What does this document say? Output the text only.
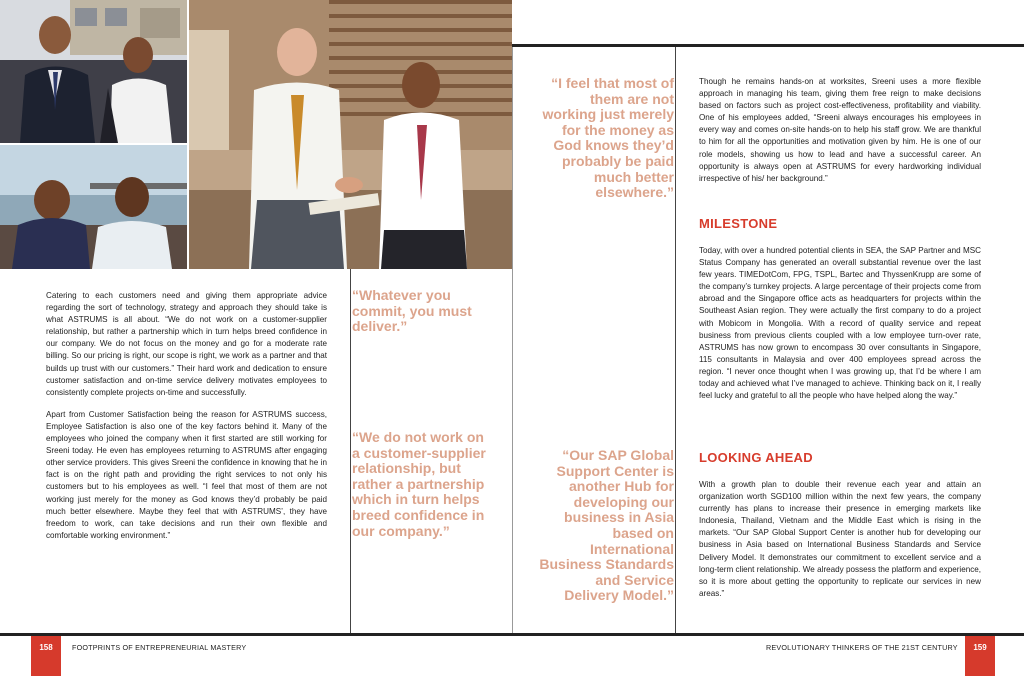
Catering to each customers need and giving them appropriate advice regarding the sort of technology, strategy and approach they should take is what ASTRUMS is all about. “We do not work on a customer-supplier relationship, but rather a partnership which in turn helps breed confidence in our company. We do not focus on the money and go for a moderate rate billing. So our pricing is right, our scope is right, we work as a partner and that builds up trust with our customers.” Their hard work and dedication to ensure customer satisfaction and on-time service delivery motivates employees to consistently complete projects on-time and successfully.

Apart from Customer Satisfaction being the reason for ASTRUMS success, Employee Satisfaction is also one of the key factors behind it. Many of the employees who joined the company when it first started are still working for Sreeni today. He even has employees returning to ASTRUMS after engaging other service providers. This gives Sreeni the confidence in knowing that he in fact is on the right path and providing the right services to not only his customers but to his employees as well. “I feel that most of them are not working just merely for the money as God knows they’d probably be paid much better elsewhere. Maybe they feel that with ASTRUMS’, they have freedom to work, can take decisions and run their own flexible and comfortable working environment.”

“Whatever you commit, you must deliver.”
“We do not work on a customer-supplier relationship, but rather a partnership which in turn helps breed confidence in our company.”
“I feel that most of them are not working just merely for the money as God knows they’d probably be paid much better elsewhere.”
“Our SAP Global Support Center is another Hub for developing our business in Asia based on International Business Standards and Service Delivery Model.”
Though he remains hands-on at worksites, Sreeni uses a more flexible approach in managing his team, giving them free reign to make decisions based on factors such as project cost-effectiveness, profitability and viability. One of his employees added, “Sreeni always encourages his employees in every way and comes on-site hands-on to help his staff grow. We are thankful to him for all the opportunities and motivation given by him. He is one of our role models, showing us how to lead and have a successful career. An opportunity is always open at ASTRUMS for every hardworking individual irrespective of his/ her background.”
MILESTONE
Today, with over a hundred potential clients in SEA, the SAP Partner and MSC Status Company has generated an overall substantial revenue over the last few years. TIMEDotCom, FPG, TSPL, Bartec and ThyssenKrupp are some of the company’s turnkey projects. A large percentage of their projects come from abroad and the Singapore office acts as headquarters for projects within the Southeast Asian region. They were actually the first company to do a project with Mobicom in Mongolia. With a record of quality service and repeat business from previous clients coupled with a low employee turn-over rate, ASTRUMS has now grown to encompass 30 over consultants in Singapore, 115 consultants in Malaysia and over 400 employees spread across the region. “I never once thought when I was growing up, that I’d be where I am today and achieved what I’ve managed to achieve. Thinking back on it, I really feel lucky and grateful to all the people who have helped along the way.”
LOOKING AHEAD
With a growth plan to double their revenue each year and attain an organization worth SGD100 million within the next few years, the company currently has plans to increase their presence in emerging markets like Indonesia, Thailand, Vietnam and the Middle East which is rising in the markets. “Our SAP Global Support Center is another hub for developing our business in Asia based on International Business Standards and Service Delivery Model. It demonstrates our commitment to excellent service and a long-term client relationship. We already possess the platform and experience, so it is more about getting the opportunity to replicate our services in new areas.”
158	FOOTPRINTS OF ENTREPRENEURIAL MASTERY	REVOLUTIONARY THINKERS OF THE 21ST CENTURY	159
